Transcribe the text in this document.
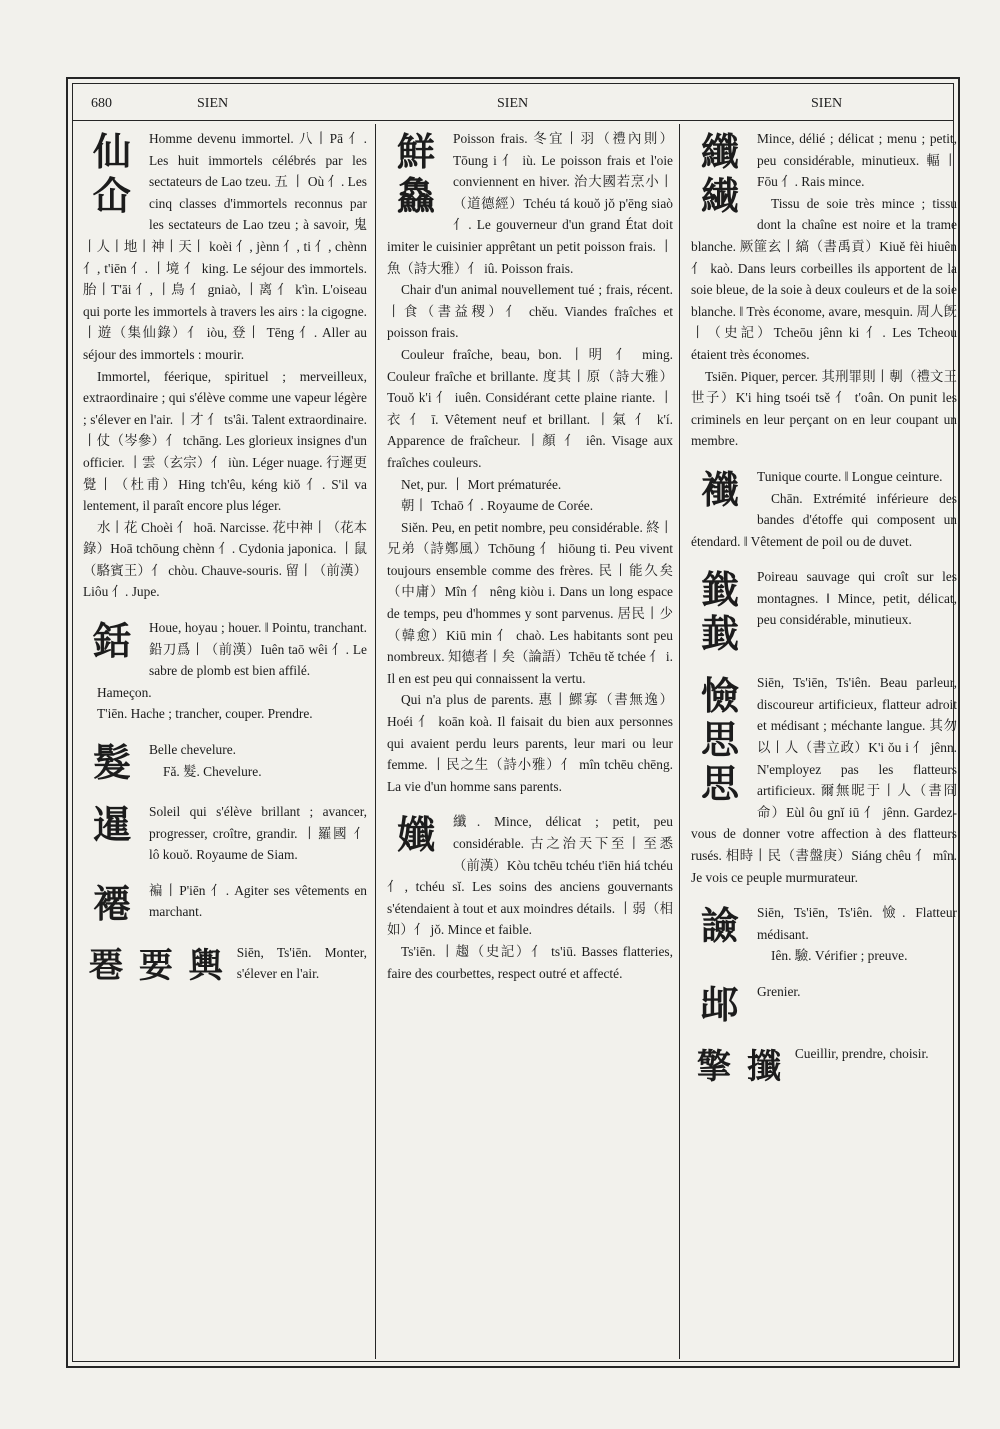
680	SIEN	SIEN	SIEN
仙
仚

Homme devenu immortel. 八丨Pā 亻. Les huit immortels célébrés par les sectateurs de Lao tzeu. 五 丨 Où 亻. Les cinq classes d'immortels reconnus par les sectateurs de Lao tzeu ; à savoir, 鬼丨人丨地丨神丨天丨 koèi 亻, jènn 亻, ti 亻, chènn 亻, t'iēn 亻. 丨境 亻 king. Le séjour des immortels. 胎丨T'āi 亻, 丨鳥 亻 gniaò, 丨离 亻 k'ìn. L'oiseau qui porte les immortels à travers les airs : la cigogne. 丨遊（集仙錄）亻 iòu, 登丨 Tēng 亻. Aller au séjour des immortels : mourir.

Immortel, féerique, spirituel ; merveilleux, extraordinaire ; qui s'élève comme une vapeur légère ; s'élever en l'air. 丨才 亻 ts'âi. Talent extraordinaire. 丨仗（岑參）亻 tchāng. Les glorieux insignes d'un officier. 丨雲（玄宗）亻 iùn. Léger nuage. 行遲更覺丨（杜甫）Hing tch'êu, kéng kiŏ 亻. S'il va lentement, il paraît encore plus léger.

水丨花 Choèi 亻 hoā. Narcisse. 花中神丨（花本錄）Hoā tchōung chènn 亻. Cydonia japonica. 丨鼠（駱賓王）亻 chòu. Chauve-souris. 留丨（前漢）Liôu 亻. Jupe.

銛	Houe, hoyau ; houer. ‖ Pointu, tranchant. 鉛刀爲丨（前漢）Iuên taō wêi 亻. Le sabre de plomb est bien affilé.

Hameçon.

T'iēn. Hache ; trancher, couper. Prendre.

髮	Belle chevelure.

Fă. 髮. Chevelure.

暹	Soleil qui s'élève brillant ; avancer, progresser, croître, grandir. 丨羅國 亻 lô kouŏ. Royaume de Siam.

褼	褊丨P'iēn 亻. Agiter ses vêtements en marchant.

䙴 要 輿 Siēn, Ts'iēn. Monter, s'élever en l'air.

鮮
鱻

Poisson frais. 冬宜丨羽（禮內則）Tōung i 亻 iù. Le poisson frais et l'oie conviennent en hiver. 治大國若烹小丨（道德經）Tchéu tá kouŏ jŏ p'ēng siaò 亻. Le gouverneur d'un grand État doit imiter le cuisinier apprêtant un petit poisson frais. 丨魚（詩大雅）亻 iû. Poisson frais.

Chair d'un animal nouvellement tué ; frais, récent. 丨食（書益稷）亻 chĕu. Viandes fraîches et poisson frais.

Couleur fraîche, beau, bon. 丨明 亻 ming. Couleur fraîche et brillante. 度其丨原（詩大雅）Touŏ k'i 亻 iuên. Considérant cette plaine riante. 丨衣 亻 ī. Vêtement neuf et brillant. 丨氣 亻 k'í. Apparence de fraîcheur. 丨顏 亻 iên. Visage aux fraîches couleurs.

Net, pur. 丨 Mort prématurée.

朝丨 Tchaō 亻. Royaume de Corée.

Siĕn. Peu, en petit nombre, peu considérable. 終丨兄弟（詩鄭風）Tchōung 亻 hiōung ti. Peu vivent toujours ensemble comme des frères. 民丨能久矣（中庸）Mîn 亻 nêng kiòu i. Dans un long espace de temps, peu d'hommes y sont parvenus. 居民丨少（韓愈）Kiū min 亻 chaò. Les habitants sont peu nombreux. 知德者丨矣（論語）Tchēu tě tchée 亻 i. Il en est peu qui connaissent la vertu.

Qui n'a plus de parents. 惠丨鰥寡（書無逸）Hoéi 亻 koān koà. Il faisait du bien aux personnes qui avaient perdu leurs parents, leur mari ou leur femme. 丨民之生（詩小雅）亻 mîn tchēu chēng. La vie d'un homme sans parents.

孅	纖. Mince, délicat ; petit, peu considérable. 古之治天下至丨至悉（前漢）Kòu tchēu tchéu t'iēn hiá tchéu 亻, tchéu sĭ. Les soins des anciens gouvernants s'étendaient à tout et aux moindres détails. 丨弱（相如）亻 jŏ. Mince et faible.

Ts'iēn. 丨趨（史記）亻 ts'iū. Basses flatteries, faire des courbettes, respect outré et affecté.

纖
繊

Mince, délié ; délicat ; menu ; petit, peu considérable, minutieux. 輻丨Fōu 亻. Rais mince.

Tissu de soie très mince ; tissu dont la chaîne est noire et la trame blanche. 厥篚玄丨縞（書禹貢）Kiuĕ fèi hiuên 亻 kaò. Dans leurs corbeilles ils apportent de la soie bleue, de la soie à deux couleurs et de la soie blanche. ‖ Très économe, avare, mesquin. 周人旣丨（史記）Tcheōu jênn ki 亻. Les Tcheou étaient très économes.

Tsiēn. Piquer, percer. 其刑罪則丨剸（禮文王世子）K'i hing tsoéi tsĕ 亻 t'oân. On punit les criminels en leur perçant on en leur coupant un membre.

襳	Tunique courte. ‖ Longue ceinture.

Chān. Extrémité inférieure des bandes d'étoffe qui composent un étendard. ‖ Vêtement de poil ou de duvet.

韱
韯

Poireau sauvage qui croît sur les montagnes. ‖ Mince, petit, délicat, peu considérable, minutieux.

憸
思
思

Siēn, Ts'iēn, Ts'iên. Beau parleur, discoureur artificieux, flatteur adroit et médisant ; méchante langue. 其勿以丨人（書立政）K'i ŏu i 亻 jênn. N'employez pas les flatteurs artificieux. 爾無昵于丨人（書冏命）Eùl ôu gnĭ iū 亻 jênn. Gardez-vous de donner votre affection à des flatteurs rusés. 相時丨民（書盤庚）Siáng chêu 亻 mîn. Je vois ce peuple murmurateur.

譣	Siēn, Ts'iēn, Ts'iên. 憸. Flatteur médisant.

Iên. 驗. Vérifier ; preuve.

䢺	Grenier.

擎 攕 Cueillir, prendre, choisir.
